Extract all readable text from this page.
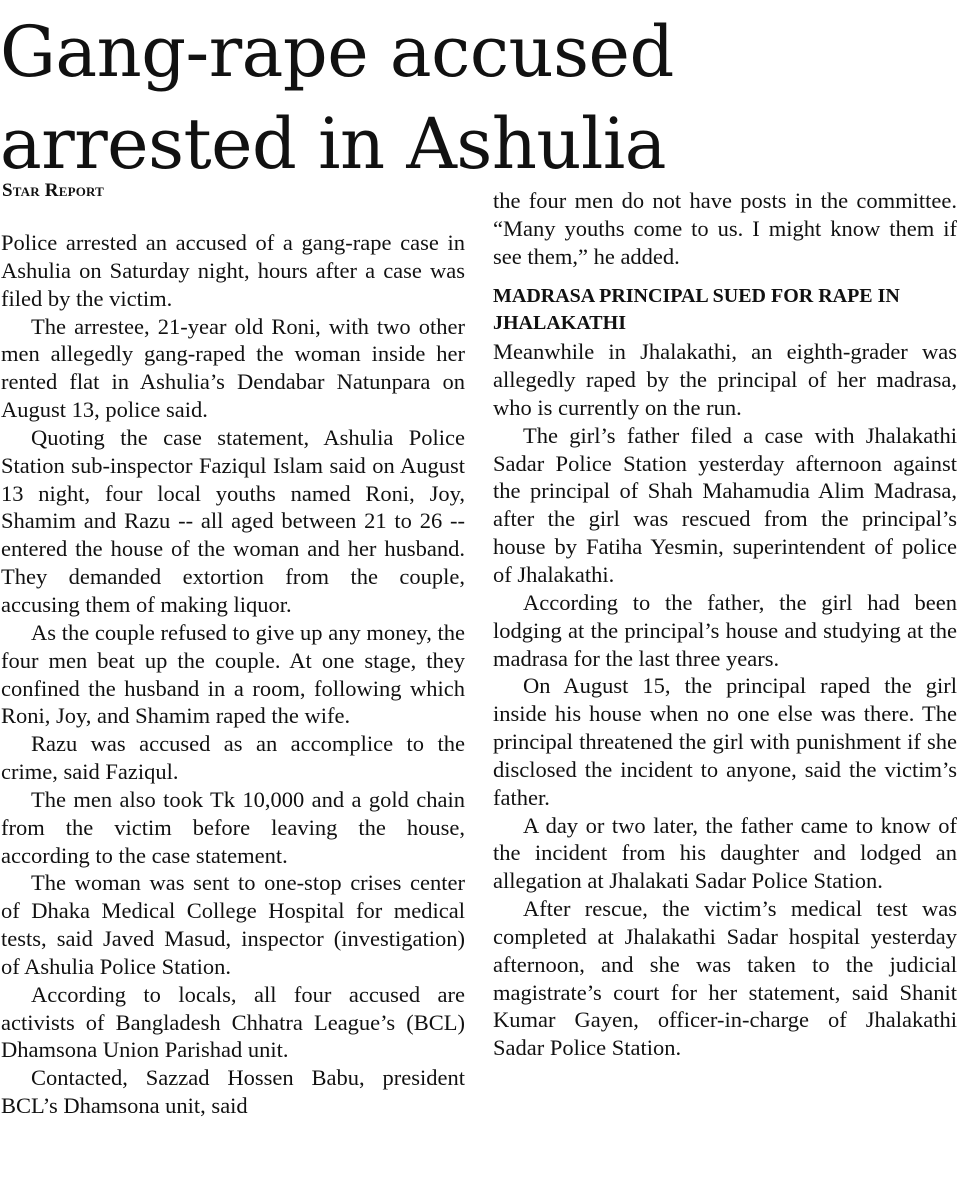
Gang-rape accused arrested in Ashulia
Star Report

Police arrested an accused of a gang-rape case in Ashulia on Saturday night, hours after a case was filed by the victim.

The arrestee, 21-year old Roni, with two other men allegedly gang-raped the woman inside her rented flat in Ashulia’s Dendabar Natunpara on August 13, police said.

Quoting the case statement, Ashulia Police Station sub-inspector Faziqul Islam said on August 13 night, four local youths named Roni, Joy, Shamim and Razu -- all aged between 21 to 26 -- entered the house of the woman and her husband. They demanded extortion from the couple, accusing them of making liquor.

As the couple refused to give up any money, the four men beat up the couple. At one stage, they confined the husband in a room, following which Roni, Joy, and Shamim raped the wife.

Razu was accused as an accomplice to the crime, said Faziqul.

The men also took Tk 10,000 and a gold chain from the victim before leaving the house, according to the case statement.

The woman was sent to one-stop crises center of Dhaka Medical College Hospital for medical tests, said Javed Masud, inspector (investigation) of Ashulia Police Station.

According to locals, all four accused are activists of Bangladesh Chhatra League’s (BCL) Dhamsona Union Parishad unit.

Contacted, Sazzad Hossen Babu, president BCL’s Dhamsona unit, said

the four men do not have posts in the committee. “Many youths come to us. I might know them if see them,” he added.

MADRASA PRINCIPAL SUED FOR RAPE IN JHALAKATHI

Meanwhile in Jhalakathi, an eighth-grader was allegedly raped by the principal of her madrasa, who is currently on the run.

The girl’s father filed a case with Jhalakathi Sadar Police Station yesterday afternoon against the principal of Shah Mahamudia Alim Madrasa, after the girl was rescued from the principal’s house by Fatiha Yesmin, superintendent of police of Jhalakathi.

According to the father, the girl had been lodging at the principal’s house and studying at the madrasa for the last three years.

On August 15, the principal raped the girl inside his house when no one else was there. The principal threatened the girl with punishment if she disclosed the incident to anyone, said the victim’s father.

A day or two later, the father came to know of the incident from his daughter and lodged an allegation at Jhalakati Sadar Police Station.

After rescue, the victim’s medical test was completed at Jhalakathi Sadar hospital yesterday afternoon, and she was taken to the judicial magistrate’s court for her statement, said Shanit Kumar Gayen, officer-in-charge of Jhalakathi Sadar Police Station.
